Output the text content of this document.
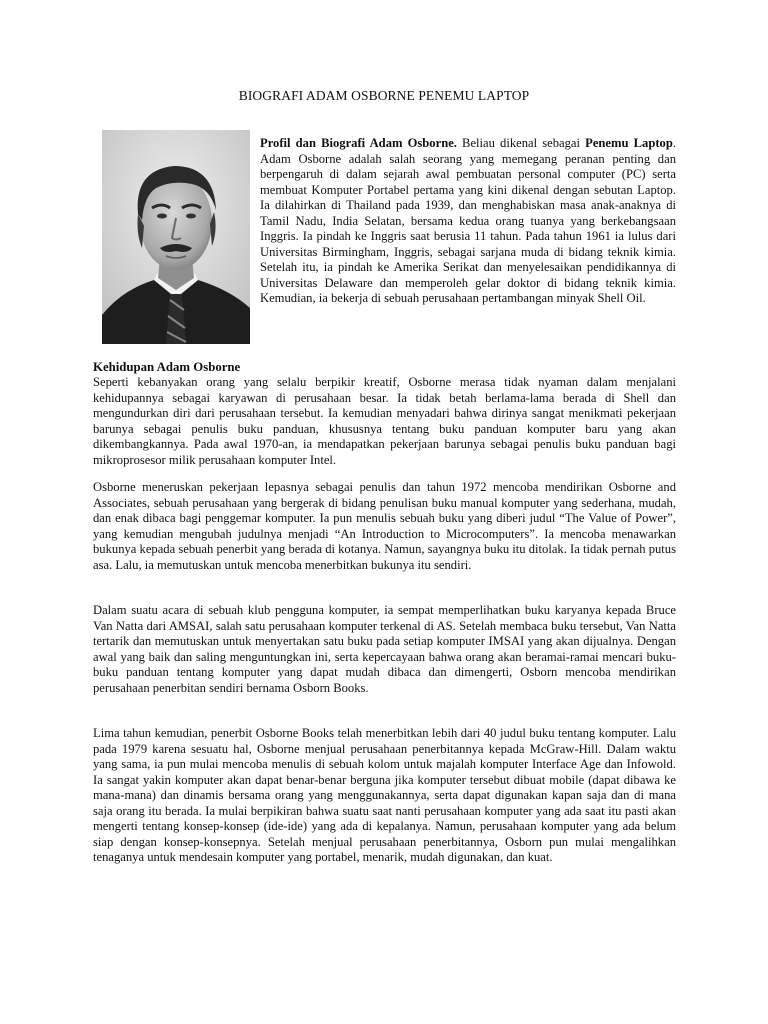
BIOGRAFI ADAM OSBORNE PENEMU LAPTOP
Profil dan Biografi Adam Osborne. Beliau dikenal sebagai Penemu Laptop. Adam Osborne adalah salah seorang yang memegang peranan penting dan berpengaruh di dalam sejarah awal pembuatan personal computer (PC) serta membuat Komputer Portabel pertama yang kini dikenal dengan sebutan Laptop. Ia dilahirkan di Thailand pada 1939, dan menghabiskan masa anak-anaknya di Tamil Nadu, India Selatan, bersama kedua orang tuanya yang berkebangsaan Inggris. Ia pindah ke Inggris saat berusia 11 tahun. Pada tahun 1961 ia lulus dari Universitas Birmingham, Inggris, sebagai sarjana muda di bidang teknik kimia. Setelah itu, ia pindah ke Amerika Serikat dan menyelesaikan pendidikannya di Universitas Delaware dan memperoleh gelar doktor di bidang teknik kimia. Kemudian, ia bekerja di sebuah perusahaan pertambangan minyak Shell Oil.
Kehidupan Adam Osborne

Seperti kebanyakan orang yang selalu berpikir kreatif, Osborne merasa tidak nyaman dalam menjalani kehidupannya sebagai karyawan di perusahaan besar. Ia tidak betah berlama-lama berada di Shell dan mengundurkan diri dari perusahaan tersebut. Ia kemudian menyadari bahwa dirinya sangat menikmati pekerjaan barunya sebagai penulis buku panduan, khususnya tentang buku panduan komputer baru yang akan dikembangkannya. Pada awal 1970-an, ia mendapatkan pekerjaan barunya sebagai penulis buku panduan bagi mikroprosesor milik perusahaan komputer Intel.

Osborne meneruskan pekerjaan lepasnya sebagai penulis dan tahun 1972 mencoba mendirikan Osborne and Associates, sebuah perusahaan yang bergerak di bidang penulisan buku manual komputer yang sederhana, mudah, dan enak dibaca bagi penggemar komputer. Ia pun menulis sebuah buku yang diberi judul “The Value of Power”, yang kemudian mengubah judulnya menjadi “An Introduction to Microcomputers”. Ia mencoba menawarkan bukunya kepada sebuah penerbit yang berada di kotanya. Namun, sayangnya buku itu ditolak. Ia tidak pernah putus asa. Lalu, ia memutuskan untuk mencoba menerbitkan bukunya itu sendiri.

Dalam suatu acara di sebuah klub pengguna komputer, ia sempat memperlihatkan buku karyanya kepada Bruce Van Natta dari AMSAI, salah satu perusahaan komputer terkenal di AS. Setelah membaca buku tersebut, Van Natta tertarik dan memutuskan untuk menyertakan satu buku pada setiap komputer IMSAI yang akan dijualnya. Dengan awal yang baik dan saling menguntungkan ini, serta kepercayaan bahwa orang akan beramai-ramai mencari buku-buku panduan tentang komputer yang dapat mudah dibaca dan dimengerti, Osborn mencoba mendirikan perusahaan penerbitan sendiri bernama Osborn Books.

Lima tahun kemudian, penerbit Osborne Books telah menerbitkan lebih dari 40 judul buku tentang komputer. Lalu pada 1979 karena sesuatu hal, Osborne menjual perusahaan penerbitannya kepada McGraw-Hill. Dalam waktu yang sama, ia pun mulai mencoba menulis di sebuah kolom untuk majalah komputer Interface Age dan Infowold. Ia sangat yakin komputer akan dapat benar-benar berguna jika komputer tersebut dibuat mobile (dapat dibawa ke mana-mana) dan dinamis bersama orang yang menggunakannya, serta dapat digunakan kapan saja dan di mana saja orang itu berada. Ia mulai berpikiran bahwa suatu saat nanti perusahaan komputer yang ada saat itu pasti akan mengerti tentang konsep-konsep (ide-ide) yang ada di kepalanya. Namun, perusahaan komputer yang ada belum siap dengan konsep-konsepnya. Setelah menjual perusahaan penerbitannya, Osborn pun mulai mengalihkan tenaganya untuk mendesain komputer yang portabel, menarik, mudah digunakan, dan kuat.
